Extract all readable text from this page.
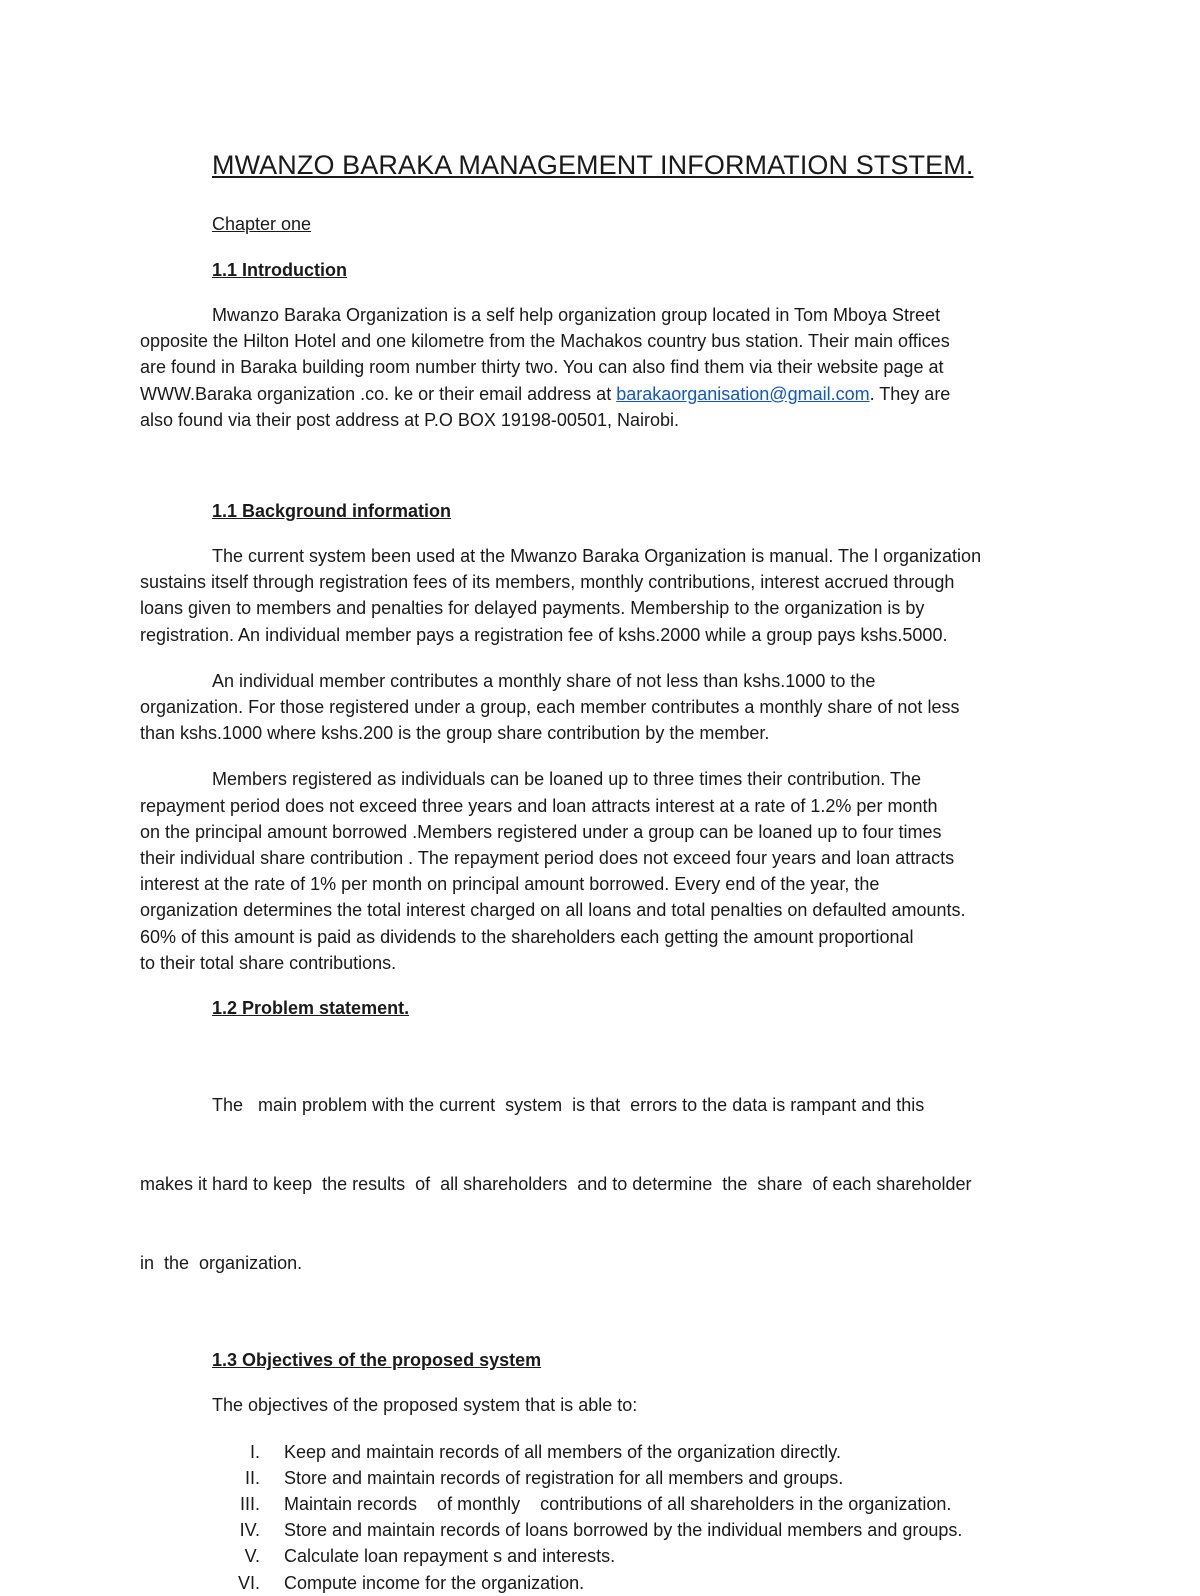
MWANZO BARAKA MANAGEMENT INFORMATION STSTEM.
Chapter one
1.1 Introduction
Mwanzo Baraka Organization is a self help organization group located in Tom Mboya Street
opposite the Hilton Hotel and one kilometre from the Machakos country bus station. Their main offices
are found in Baraka building room number thirty two. You can also find them via their website page at
WWW.Baraka organization .co. ke or their email address at barakaorganisation@gmail.com. They are
also found via their post address at P.O BOX 19198-00501, Nairobi.
1.1 Background information
The current system been used at the Mwanzo Baraka Organization is manual. The l organization
sustains itself through registration fees of its members, monthly contributions, interest accrued through
loans given to members and penalties for delayed payments. Membership to the organization is by
registration. An individual member pays a registration fee of kshs.2000 while a group pays kshs.5000.
An individual member contributes a monthly share of not less than kshs.1000 to the
organization. For those registered under a group, each member contributes a monthly share of not less
than kshs.1000 where kshs.200 is the group share contribution by the member.
Members registered as individuals can be loaned up to three times their contribution. The
repayment period does not exceed three years and loan attracts interest at a rate of 1.2% per month
on the principal amount borrowed .Members registered under a group can be loaned up to four times
their individual share contribution . The repayment period does not exceed four years and loan attracts
interest at the rate of 1% per month on principal amount borrowed. Every end of the year, the
organization determines the total interest charged on all loans and total penalties on defaulted amounts.
60% of this amount is paid as dividends to the shareholders each getting the amount proportional
to their total share contributions.
1.2 Problem statement.

The   main problem with the current  system  is that  errors to the data is rampant and this

makes it hard to keep  the results  of  all shareholders  and to determine  the  share  of each shareholder

in  the  organization.

1.3 Objectives of the proposed system
The objectives of the proposed system that is able to:
I. Keep and maintain records of all members of the organization directly.
II. Store and maintain records of registration for all members and groups.
III. Maintain records    of monthly    contributions of all shareholders in the organization.
IV. Store and maintain records of loans borrowed by the individual members and groups.
V. Calculate loan repayment s and interests.
VI. Compute income for the organization.
